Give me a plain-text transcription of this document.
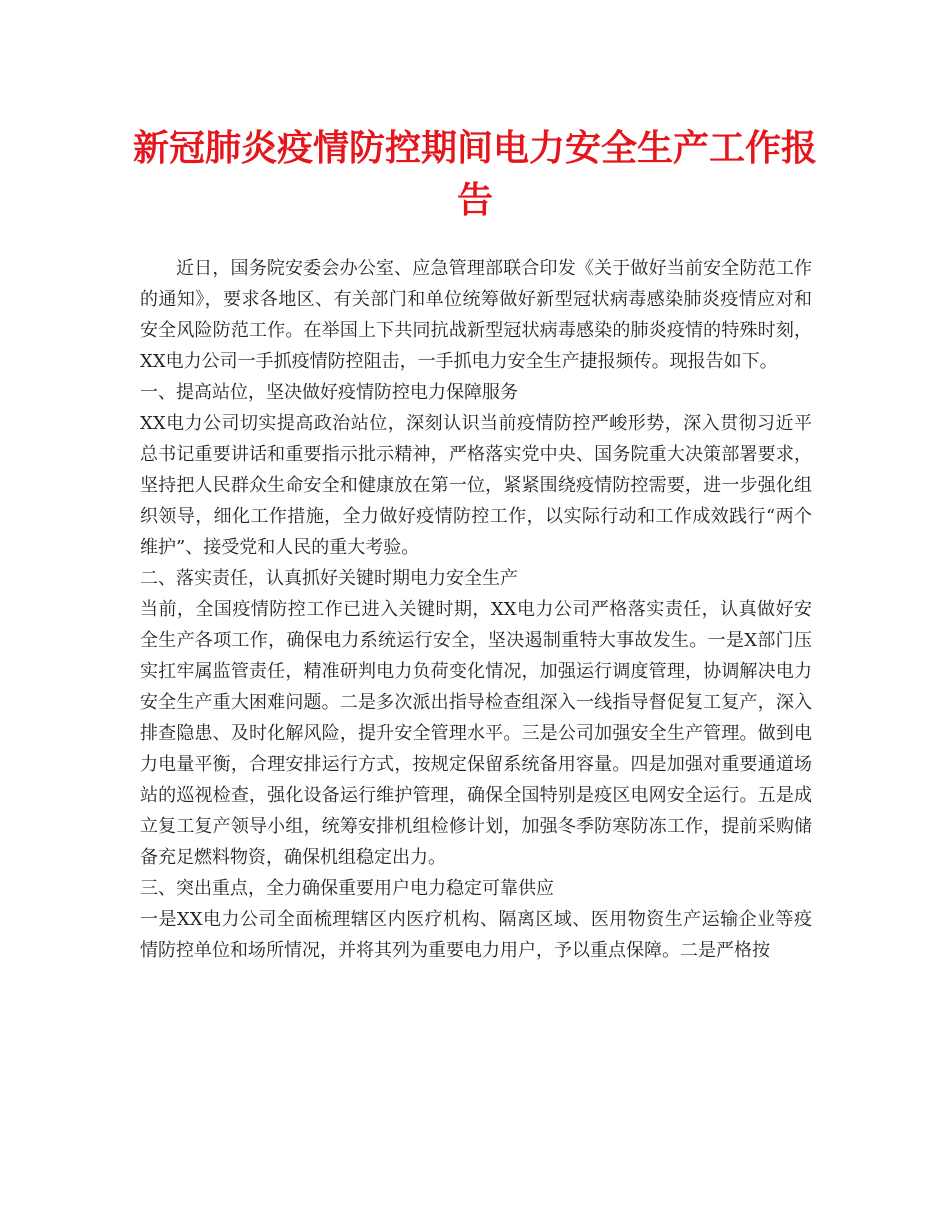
新冠肺炎疫情防控期间电力安全生产工作报告

近日，国务院安委会办公室、应急管理部联合印发《关于做好当前安全防范工作的通知》，要求各地区、有关部门和单位统筹做好新型冠状病毒感染肺炎疫情应对和安全风险防范工作。在举国上下共同抗战新型冠状病毒感染的肺炎疫情的特殊时刻，XX电力公司一手抓疫情防控阻击，一手抓电力安全生产捷报频传。现报告如下。

一、提高站位，坚决做好疫情防控电力保障服务

XX电力公司切实提高政治站位，深刻认识当前疫情防控严峻形势，深入贯彻习近平总书记重要讲话和重要指示批示精神，严格落实党中央、国务院重大决策部署要求，坚持把人民群众生命安全和健康放在第一位，紧紧围绕疫情防控需要，进一步强化组织领导，细化工作措施，全力做好疫情防控工作，以实际行动和工作成效践行“两个维护”、接受党和人民的重大考验。

二、落实责任，认真抓好关键时期电力安全生产

当前，全国疫情防控工作已进入关键时期，XX电力公司严格落实责任，认真做好安全生产各项工作，确保电力系统运行安全，坚决遏制重特大事故发生。一是X部门压实扛牢属监管责任，精准研判电力负荷变化情况，加强运行调度管理，协调解决电力安全生产重大困难问题。二是多次派出指导检查组深入一线指导督促复工复产，深入排查隐患、及时化解风险，提升安全管理水平。三是公司加强安全生产管理。做到电力电量平衡，合理安排运行方式，按规定保留系统备用容量。四是加强对重要通道场站的巡视检查，强化设备运行维护管理，确保全国特别是疫区电网安全运行。五是成立复工复产领导小组，统筹安排机组检修计划，加强冬季防寒防冻工作，提前采购储备充足燃料物资，确保机组稳定出力。

三、突出重点，全力确保重要用户电力稳定可靠供应

一是XX电力公司全面梳理辖区内医疗机构、隔离区域、医用物资生产运输企业等疫情防控单位和场所情况，并将其列为重要电力用户，予以重点保障。二是严格按
